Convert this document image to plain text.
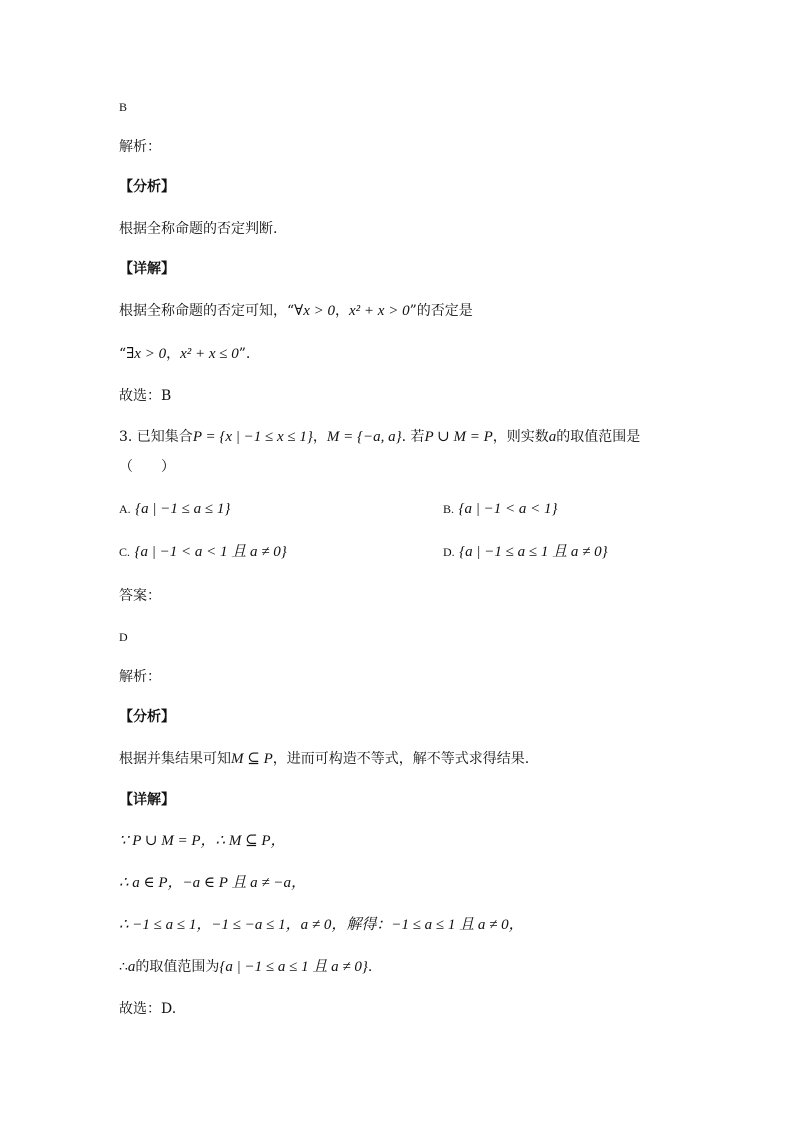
B
解析：
【分析】
根据全称命题的否定判断.
【详解】
根据全称命题的否定可知，“∀x > 0，x² + x > 0”的否定是
“∃x > 0，x² + x ≤ 0”.
故选：B
3. 已知集合P = {x | −1 ≤ x ≤ 1}，M = {−a, a}. 若P ∪ M = P，则实数a的取值范围是
（　　）
A. {a | −1 ≤ a ≤ 1}	B. {a | −1 < a < 1}
C. {a | −1 < a < 1 且 a ≠ 0}	D. {a | −1 ≤ a ≤ 1 且 a ≠ 0}
答案：
D
解析：
【分析】
根据并集结果可知M ⊆ P，进而可构造不等式，解不等式求得结果.
【详解】
∵ P ∪ M = P，∴ M ⊆ P，
∴ a ∈ P，−a ∈ P 且 a ≠ −a，
∴ −1 ≤ a ≤ 1，−1 ≤ −a ≤ 1，a ≠ 0，解得：−1 ≤ a ≤ 1 且 a ≠ 0，
∴a的取值范围为{a | −1 ≤ a ≤ 1 且 a ≠ 0}.
故选：D.
